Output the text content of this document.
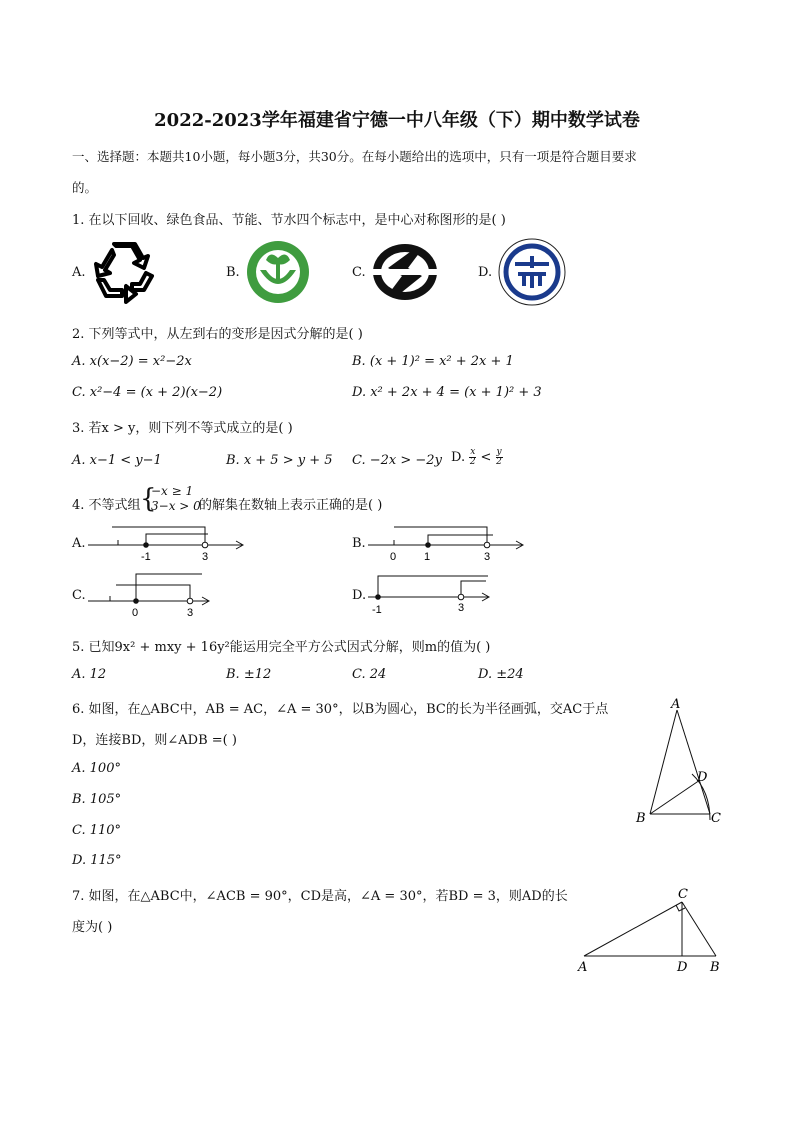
2022-2023学年福建省宁德一中八年级（下）期中数学试卷
一、选择题：本题共10小题，每小题3分，共30分。在每小题给出的选项中，只有一项是符合题目要求
的。
1. 在以下回收、绿色食品、节能、节水四个标志中，是中心对称图形的是( )
A.	B.	C.	D.
2. 下列等式中，从左到右的变形是因式分解的是( )
A. x(x−2) = x²−2x	B. (x + 1)² = x² + 2x + 1
C. x²−4 = (x + 2)(x−2)	D. x² + 2x + 4 = (x + 1)² + 3
3. 若x > y，则下列不等式成立的是( )
A. x−1 < y−1	B. x + 5 > y + 5 C. −2x > −2y D. $\frac{x}{2} < \frac{y}{2}$
4. 不等式组 {
−x ≥ 1
3−x > 0
的解集在数轴上表示正确的是( )
A.	B.
C.	D.
-1	3	0	1	3
0	3	-1	3
5. 已知9x² + mxy + 16y²能运用完全平方公式因式分解，则m的值为( )
A. 12	B. ±12	C. 24	D. ±24
6. 如图，在△ABC中，AB = AC，∠A = 30°，以B为圆心，BC的长为半径画弧，交AC于点
D，连接BD，则∠ADB =( )
A. 100°
B. 105°
C. 110°
D. 115°
A
D
B	C
7. 如图，在△ABC中，∠ACB = 90°，CD是高，∠A = 30°，若BD = 3，则AD的长
度为( )
C
A	D B
